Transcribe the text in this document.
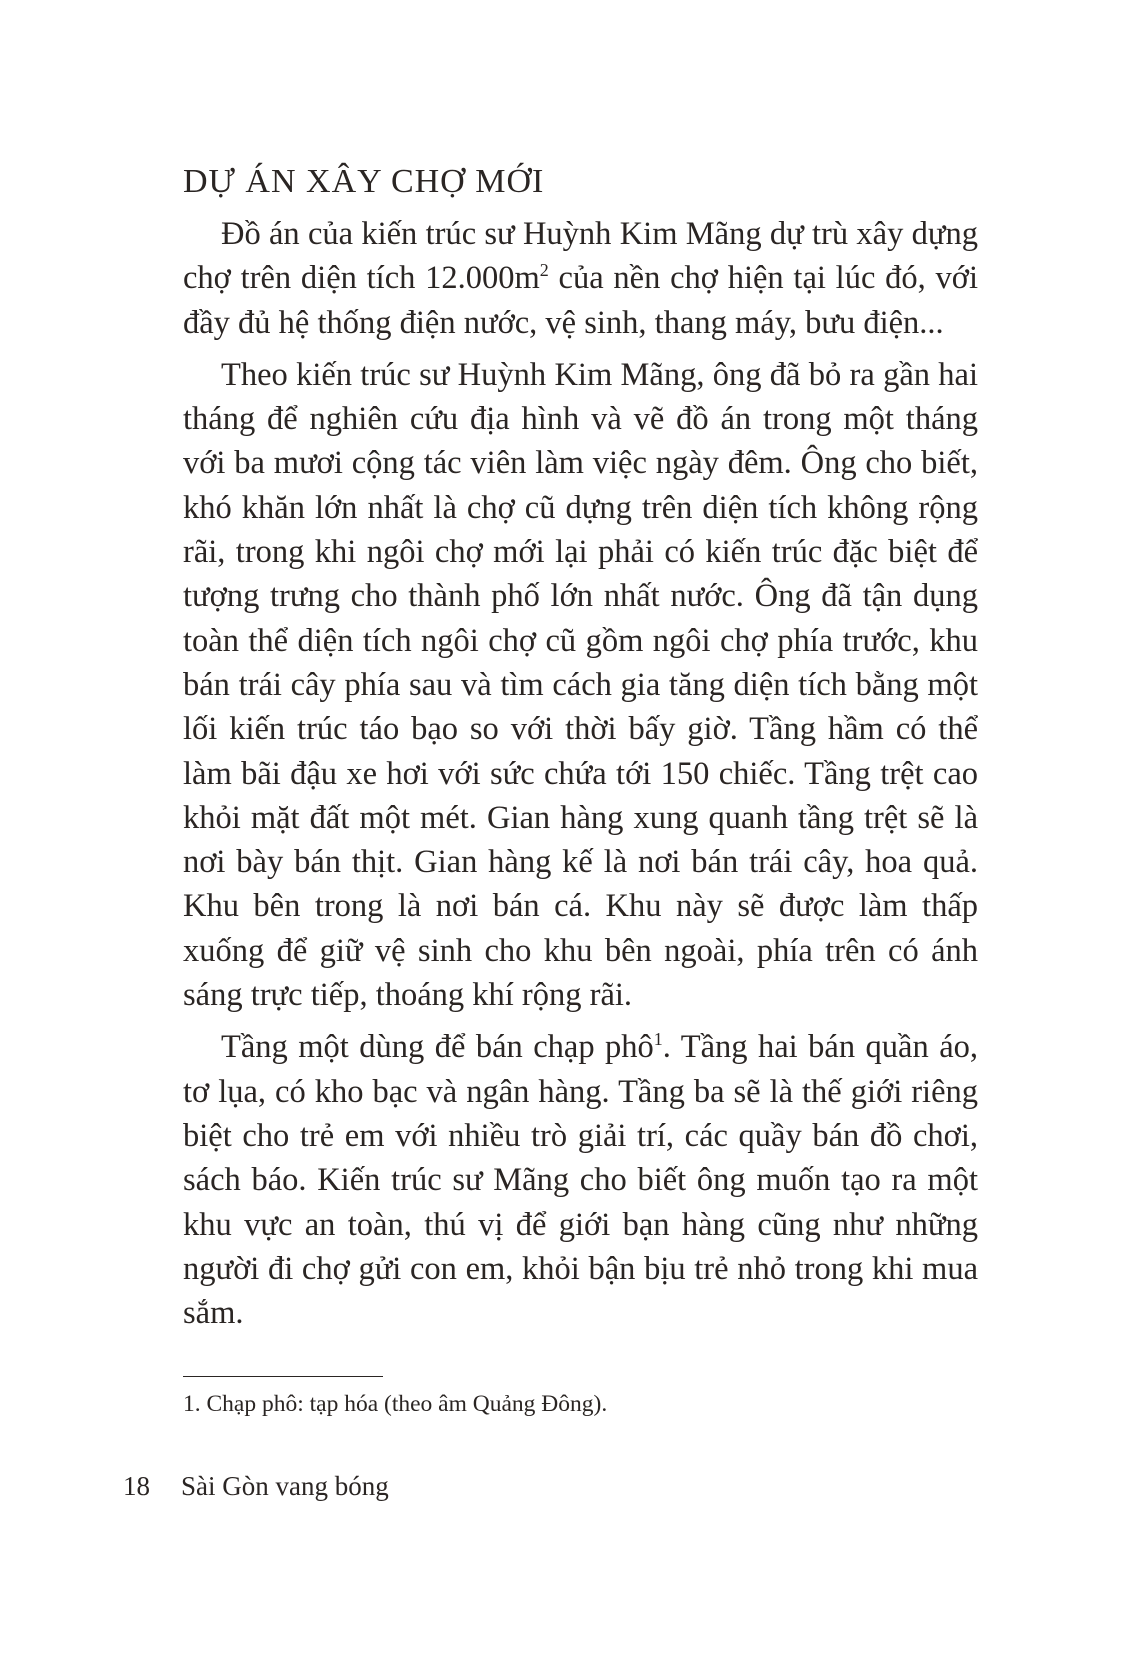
DỰ ÁN XÂY CHỢ MỚI

Đồ án của kiến trúc sư Huỳnh Kim Mãng dự trù xây dựng chợ trên diện tích $12.000m^2$ của nền chợ hiện tại lúc đó, với đầy đủ hệ thống điện nước, vệ sinh, thang máy, bưu điện...

Theo kiến trúc sư Huỳnh Kim Mãng, ông đã bỏ ra gần hai tháng để nghiên cứu địa hình và vẽ đồ án trong một tháng với ba mươi cộng tác viên làm việc ngày đêm. Ông cho biết, khó khăn lớn nhất là chợ cũ dựng trên diện tích không rộng rãi, trong khi ngôi chợ mới lại phải có kiến trúc đặc biệt để tượng trưng cho thành phố lớn nhất nước. Ông đã tận dụng toàn thể diện tích ngôi chợ cũ gồm ngôi chợ phía trước, khu bán trái cây phía sau và tìm cách gia tăng diện tích bằng một lối kiến trúc táo bạo so với thời bấy giờ. Tầng hầm có thể làm bãi đậu xe hơi với sức chứa tới 150 chiếc. Tầng trệt cao khỏi mặt đất một mét. Gian hàng xung quanh tầng trệt sẽ là nơi bày bán thịt. Gian hàng kế là nơi bán trái cây, hoa quả. Khu bên trong là nơi bán cá. Khu này sẽ được làm thấp xuống để giữ vệ sinh cho khu bên ngoài, phía trên có ánh sáng trực tiếp, thoáng khí rộng rãi.

Tầng một dùng để bán chạp phô$^1$. Tầng hai bán quần áo, tơ lụa, có kho bạc và ngân hàng. Tầng ba sẽ là thế giới riêng biệt cho trẻ em với nhiều trò giải trí, các quầy bán đồ chơi, sách báo. Kiến trúc sư Mãng cho biết ông muốn tạo ra một khu vực an toàn, thú vị để giới bạn hàng cũng như những người đi chợ gửi con em, khỏi bận bịu trẻ nhỏ trong khi mua sắm.

1. Chạp phô: tạp hóa (theo âm Quảng Đông).
18 Sài Gòn vang bóng
